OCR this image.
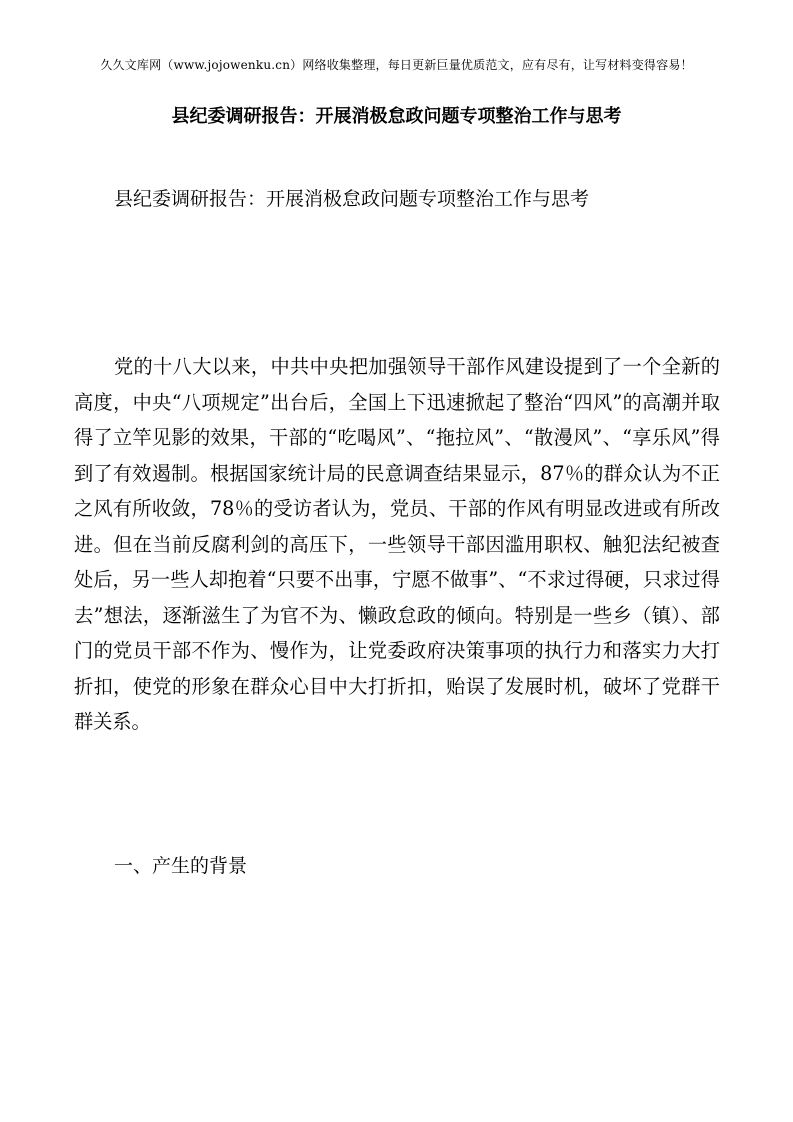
久久文库网（www.jojowenku.cn）网络收集整理，每日更新巨量优质范文，应有尽有，让写材料变得容易！
县纪委调研报告：开展消极怠政问题专项整治工作与思考
县纪委调研报告：开展消极怠政问题专项整治工作与思考

党的十八大以来，中共中央把加强领导干部作风建设提到了一个全新的高度，中央“八项规定”出台后，全国上下迅速掀起了整治“四风”的高潮并取得了立竿见影的效果，干部的“吃喝风”、“拖拉风”、“散漫风”、“享乐风”得到了有效遏制。根据国家统计局的民意调查结果显示，87％的群众认为不正之风有所收敛，78％的受访者认为，党员、干部的作风有明显改进或有所改进。但在当前反腐利剑的高压下，一些领导干部因滥用职权、触犯法纪被查处后，另一些人却抱着“只要不出事，宁愿不做事”、“不求过得硬，只求过得去”想法，逐渐滋生了为官不为、懒政怠政的倾向。特别是一些乡（镇）、部门的党员干部不作为、慢作为，让党委政府决策事项的执行力和落实力大打折扣，使党的形象在群众心目中大打折扣，贻误了发展时机，破坏了党群干群关系。

一、产生的背景
